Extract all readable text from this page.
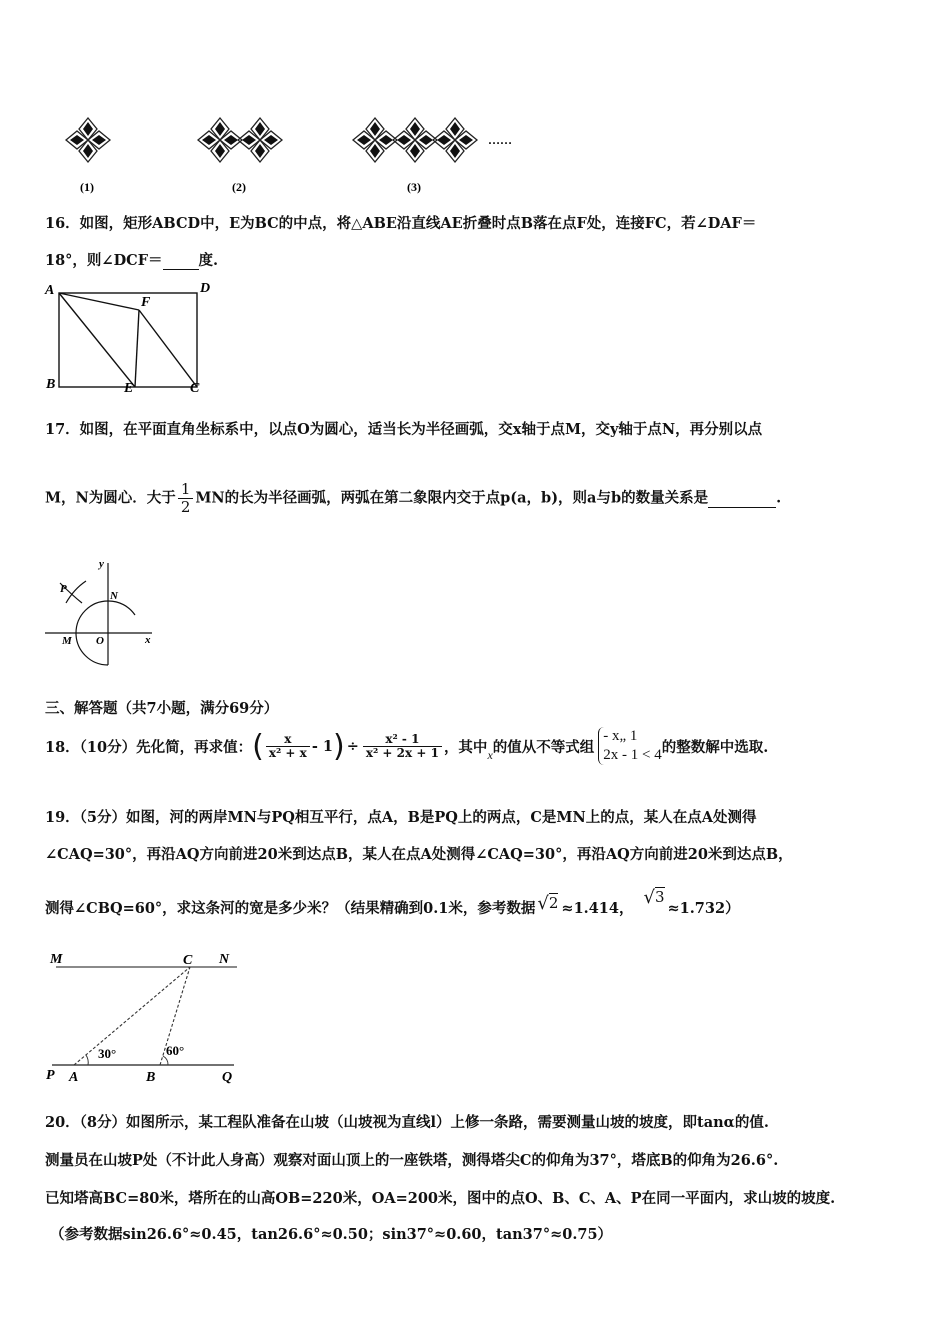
(1)	(2)	(3)
……
16．如图，矩形ABCD中，E为BC的中点，将△ABE沿直线AE折叠时点B落在点F处，连接FC，若∠DAF＝
18°，则∠DCF＝ 度.
A	D
F
B	E	C
17．如图，在平面直角坐标系中，以点O为圆心，适当长为半径画弧，交x轴于点M，交y轴于点N，再分别以点
M，N为圆心．大于 $\frac{1}{2}$ MN的长为半径画弧，两弧在第二象限内交于点p(a，b)，则a与b的数量关系是	.
y
x
P
N
M O
三、解答题（共7小题，满分69分）
18．（10分）先化简，再求值： ( $\frac{x}{\text{x² + x}} - 1$ ) ÷ $\frac{\text{x² - 1}}{\text{x² + 2x + 1}}$ ，其中 x 的值从不等式组
- x„ 1
2x - 1 < 4 的整数解中选取.
19．（5分）如图，河的两岸MN与PQ相互平行，点A，B是PQ上的两点，C是MN上的点，某人在点A处测得
∠CAQ=30°，再沿AQ方向前进20米到达点B，某人在点A处测得∠CAQ=30°，再沿AQ方向前进20米到达点B，
测得∠CBQ=60°，求这条河的宽是多少米？（结果精确到0.1米，参考数据 √ 2 ≈1.414，
√ 3
≈1.732）
M	C N
P A	B	Q
30°	60°
20．（8分）如图所示，某工程队准备在山坡（山坡视为直线l）上修一条路，需要测量山坡的坡度，即tanα的值.
测量员在山坡P处（不计此人身高）观察对面山顶上的一座铁塔，测得塔尖C的仰角为37°，塔底B的仰角为26.6°.
已知塔高BC=80米，塔所在的山高OB=220米，OA=200米，图中的点O、B、C、A、P在同一平面内，求山坡的坡度.
（参考数据sin26.6°≈0.45，tan26.6°≈0.50；sin37°≈0.60，tan37°≈0.75）
